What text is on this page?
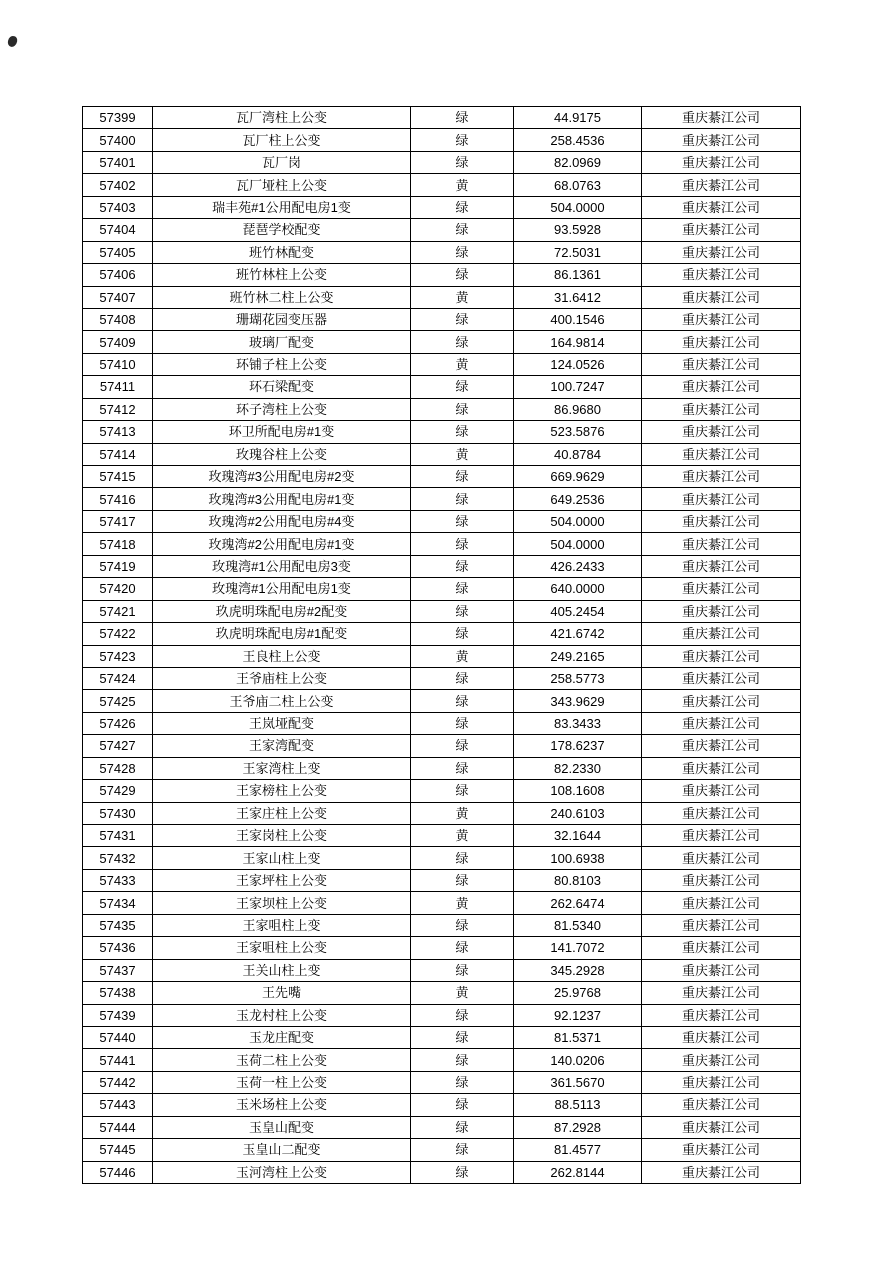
57399	瓦厂湾柱上公变	绿	44.9175	重庆綦江公司
57400	瓦厂柱上公变	绿	258.4536	重庆綦江公司
57401	瓦厂岗	绿	82.0969	重庆綦江公司
57402	瓦厂垭柱上公变	黄	68.0763	重庆綦江公司
57403	瑞丰苑#1公用配电房1变	绿	504.0000	重庆綦江公司
57404	琵琶学校配变	绿	93.5928	重庆綦江公司
57405	班竹林配变	绿	72.5031	重庆綦江公司
57406	班竹林柱上公变	绿	86.1361	重庆綦江公司
57407	班竹林二柱上公变	黄	31.6412	重庆綦江公司
57408	珊瑚花园变压器	绿	400.1546	重庆綦江公司
57409	玻璃厂配变	绿	164.9814	重庆綦江公司
57410	环铺子柱上公变	黄	124.0526	重庆綦江公司
57411	环石梁配变	绿	100.7247	重庆綦江公司
57412	环子湾柱上公变	绿	86.9680	重庆綦江公司
57413	环卫所配电房#1变	绿	523.5876	重庆綦江公司
57414	玫瑰谷柱上公变	黄	40.8784	重庆綦江公司
57415	玫瑰湾#3公用配电房#2变	绿	669.9629	重庆綦江公司
57416	玫瑰湾#3公用配电房#1变	绿	649.2536	重庆綦江公司
57417	玫瑰湾#2公用配电房#4变	绿	504.0000	重庆綦江公司
57418	玫瑰湾#2公用配电房#1变	绿	504.0000	重庆綦江公司
57419	玫瑰湾#1公用配电房3变	绿	426.2433	重庆綦江公司
57420	玫瑰湾#1公用配电房1变	绿	640.0000	重庆綦江公司
57421	玖虎明珠配电房#2配变	绿	405.2454	重庆綦江公司
57422	玖虎明珠配电房#1配变	绿	421.6742	重庆綦江公司
57423	王良柱上公变	黄	249.2165	重庆綦江公司
57424	王爷庙柱上公变	绿	258.5773	重庆綦江公司
57425	王爷庙二柱上公变	绿	343.9629	重庆綦江公司
57426	王岚垭配变	绿	83.3433	重庆綦江公司
57427	王家湾配变	绿	178.6237	重庆綦江公司
57428	王家湾柱上变	绿	82.2330	重庆綦江公司
57429	王家榜柱上公变	绿	108.1608	重庆綦江公司
57430	王家庄柱上公变	黄	240.6103	重庆綦江公司
57431	王家岗柱上公变	黄	32.1644	重庆綦江公司
57432	王家山柱上变	绿	100.6938	重庆綦江公司
57433	王家坪柱上公变	绿	80.8103	重庆綦江公司
57434	王家坝柱上公变	黄	262.6474	重庆綦江公司
57435	王家咀柱上变	绿	81.5340	重庆綦江公司
57436	王家咀柱上公变	绿	141.7072	重庆綦江公司
57437	王关山柱上变	绿	345.2928	重庆綦江公司
57438	王先嘴	黄	25.9768	重庆綦江公司
57439	玉龙村柱上公变	绿	92.1237	重庆綦江公司
57440	玉龙庄配变	绿	81.5371	重庆綦江公司
57441	玉荷二柱上公变	绿	140.0206	重庆綦江公司
57442	玉荷一柱上公变	绿	361.5670	重庆綦江公司
57443	玉米场柱上公变	绿	88.5113	重庆綦江公司
57444	玉皇山配变	绿	87.2928	重庆綦江公司
57445	玉皇山二配变	绿	81.4577	重庆綦江公司
57446	玉河湾柱上公变	绿	262.8144	重庆綦江公司
